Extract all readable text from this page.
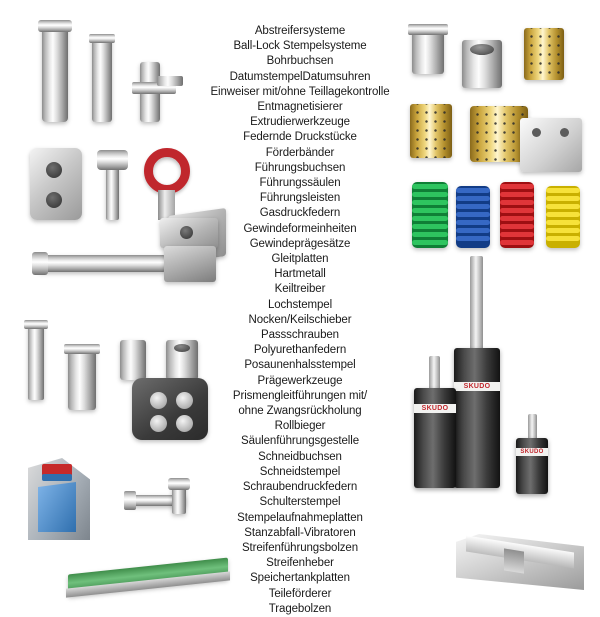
Abstreifersysteme
Ball-Lock Stempelsysteme
Bohrbuchsen
DatumstempelDatumsuhren
Einweiser mit/ohne Teillagekontrolle
Entmagnetisierer
Extrudierwerkzeuge
Federnde Druckstücke
Förderbänder
Führungsbuchsen
Führungssäulen
Führungsleisten
Gasdruckfedern
Gewindeformeinheiten
Gewindeprägesätze
Gleitplatten
Hartmetall
Keiltreiber
Lochstempel
Nocken/Keilschieber
Passschrauben
Polyurethanfedern
Posaunenhalsstempel
Prägewerkzeuge
Prismengleitführungen mit/
ohne Zwangsrückholung
Rollbieger
Säulenführungsgestelle
Schneidbuchsen
Schneidstempel
Schraubendruckfedern
Schulterstempel
Stempelaufnahmeplatten
Stanzabfall-Vibratoren
Streifenführungsbolzen
Streifenheber
Speichertankplatten
Teileförderer
Tragebolzen
SKUDO
SKUDO
SKUDO
